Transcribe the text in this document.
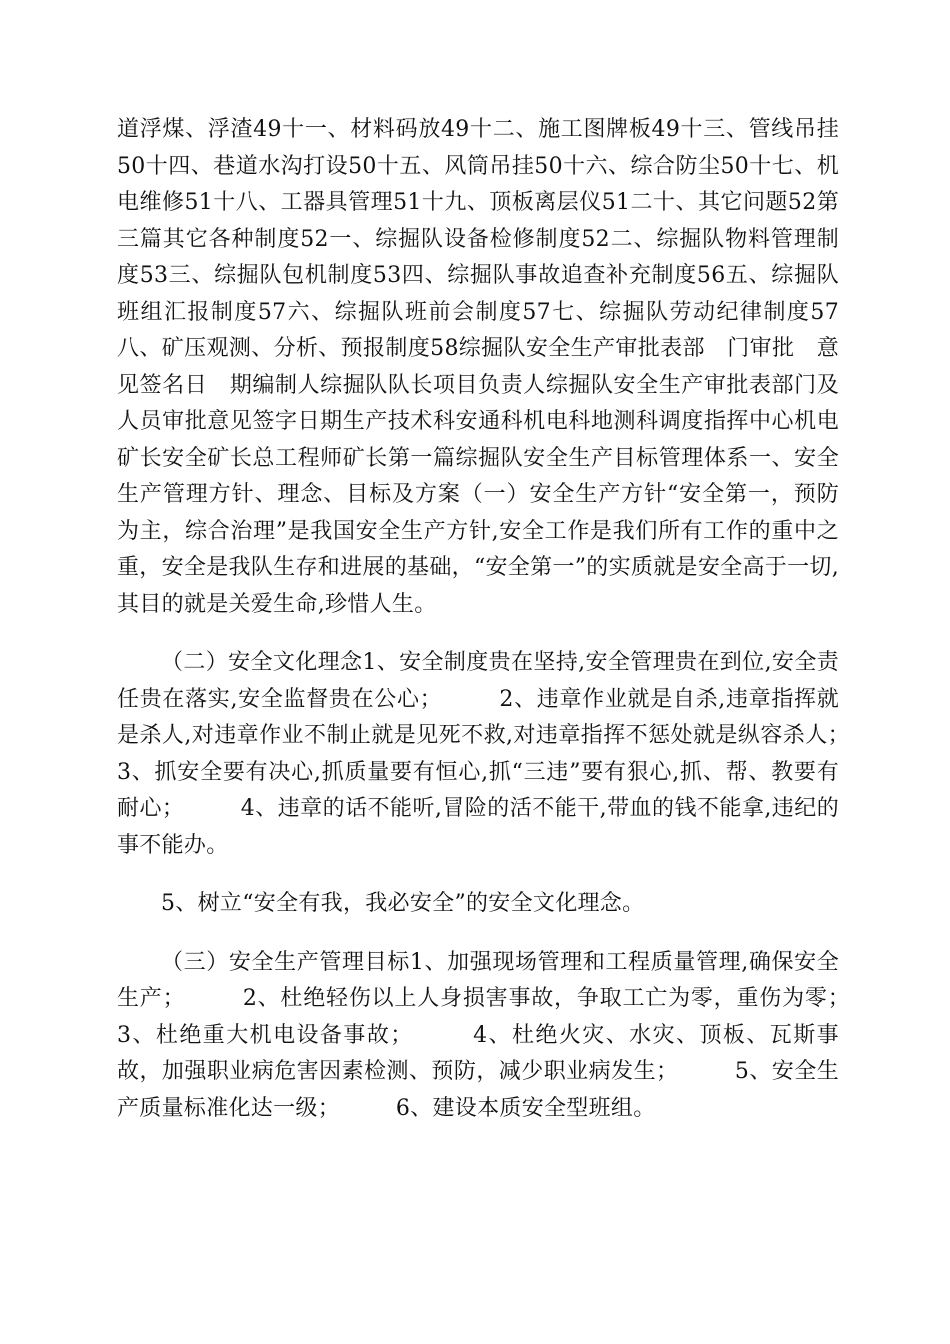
道浮煤、浮渣49十一、材料码放49十二、施工图牌板49十三、管线吊挂50十四、巷道水沟打设50十五、风筒吊挂50十六、综合防尘50十七、机电维修51十八、工器具管理51十九、顶板离层仪51二十、其它问题52第三篇其它各种制度52一、综掘队设备检修制度52二、综掘队物料管理制度53三、综掘队包机制度53四、综掘队事故追查补充制度56五、综掘队班组汇报制度57六、综掘队班前会制度57七、综掘队劳动纪律制度57八、矿压观测、分析、预报制度58综掘队安全生产审批表部　门审批　意　见签名日　期编制人综掘队队长项目负责人综掘队安全生产审批表部门及人员审批意见签字日期生产技术科安通科机电科地测科调度指挥中心机电矿长安全矿长总工程师矿长第一篇综掘队安全生产目标管理体系一、安全生产管理方针、理念、目标及方案（一）安全生产方针“安全第一，预防为主，综合治理”是我国安全生产方针,安全工作是我们所有工作的重中之重，安全是我队生存和进展的基础，“安全第一”的实质就是安全高于一切,其目的就是关爱生命,珍惜人生。

（二）安全文化理念1、安全制度贵在坚持,安全管理贵在到位,安全责任贵在落实,安全监督贵在公心；　　　2、违章作业就是自杀,违章指挥就是杀人,对违章作业不制止就是见死不救,对违章指挥不惩处就是纵容杀人；　　　3、抓安全要有决心,抓质量要有恒心,抓“三违”要有狠心,抓、帮、教要有耐心；　　　4、违章的话不能听,冒险的活不能干,带血的钱不能拿,违纪的事不能办。

5、树立“安全有我，我必安全”的安全文化理念。

（三）安全生产管理目标1、加强现场管理和工程质量管理,确保安全生产；　　　2、杜绝轻伤以上人身损害事故，争取工亡为零，重伤为零；　　　3、杜绝重大机电设备事故；　　　4、杜绝火灾、水灾、顶板、瓦斯事故，加强职业病危害因素检测、预防，减少职业病发生；　　　5、安全生产质量标准化达一级；　　　6、建设本质安全型班组。
